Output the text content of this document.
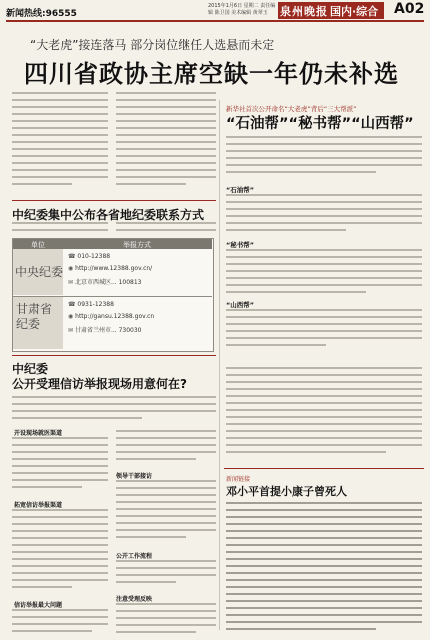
新闻热线:96555
2015年1月6日 星期二 责任编辑 陈卫国 美术编辑 黄翠玉	泉州晚报 国内·综合 A02
“大老虎”接连落马 部分岗位继任人选悬而未定
四川省政协主席空缺一年仍未补选
新华社首次公开命名“大老虎”背后“三大帮派”
“石油帮”“秘书帮”“山西帮”
“石油帮”
“秘书帮”
“山西帮”
中纪委集中公布各省地纪委联系方式
单位	举报方式
中央纪委
甘肃省纪委
☎ 010-12388
◉ http://www.12388.gov.cn/
✉ 北京市西城区... 100813
☎ 0931-12388
◉ http://gansu.12388.gov.cn
✉ 甘肃省兰州市... 730030
中纪委
公开受理信访举报现场用意何在?
开设现场就医渠道
拓宽信访举报渠道
信访举报最大问题
领导干部接访
公开工作流程
注意受理反映
新闻链接
邓小平首提小康子曾死人
